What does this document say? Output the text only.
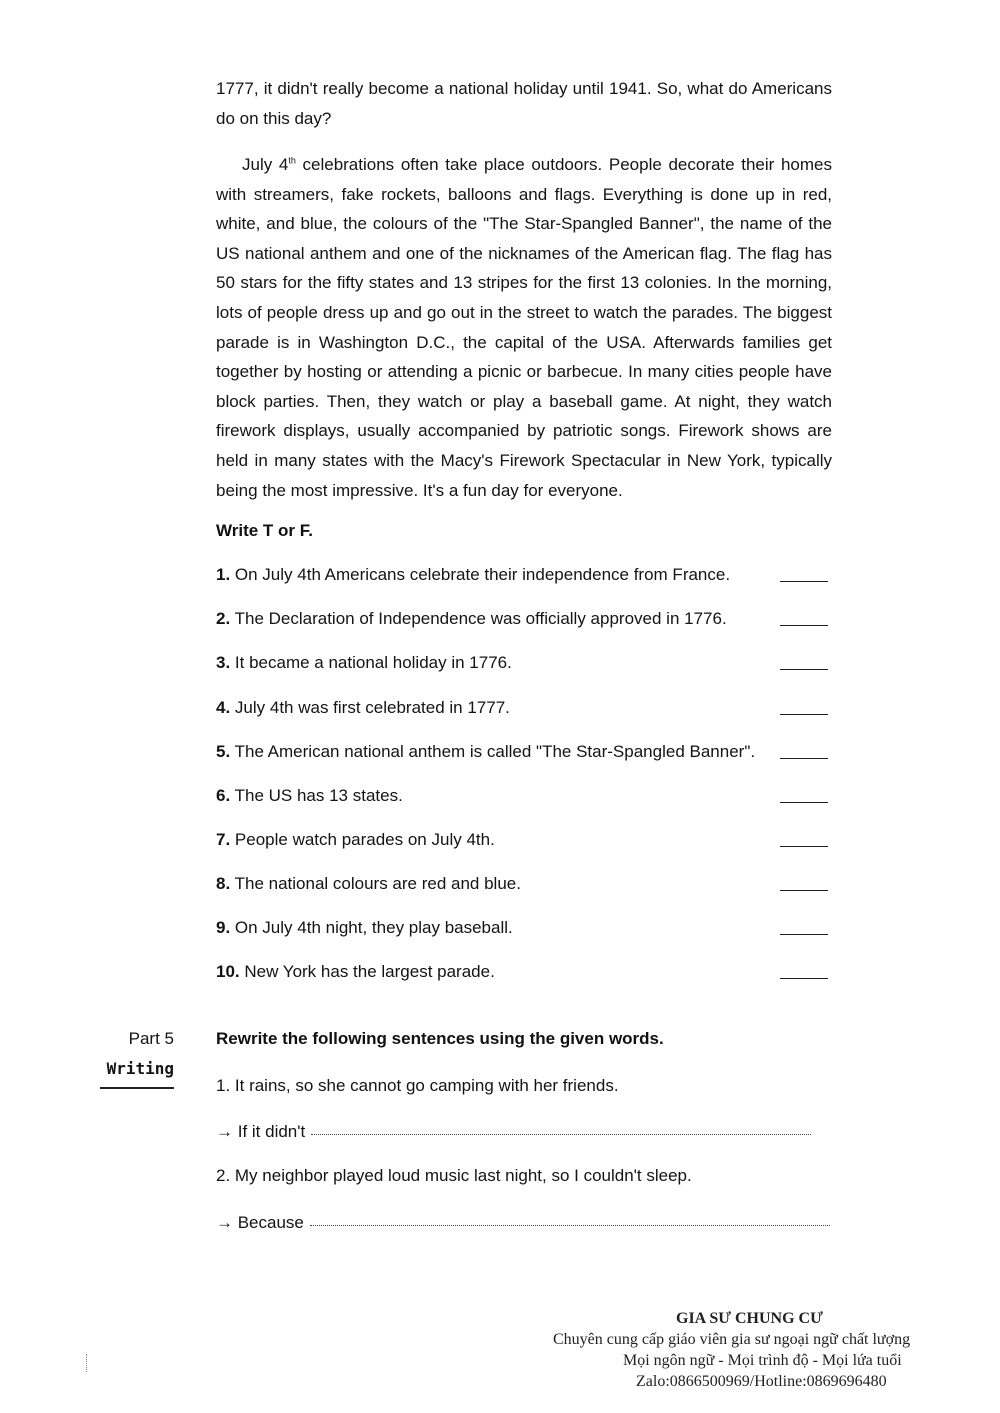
1777, it didn't really become a national holiday until 1941. So, what do Americans do on this day?

July 4th celebrations often take place outdoors. People decorate their homes with streamers, fake rockets, balloons and flags. Everything is done up in red, white, and blue, the colours of the "The Star-Spangled Banner", the name of the US national anthem and one of the nicknames of the American flag. The flag has 50 stars for the fifty states and 13 stripes for the first 13 colonies. In the morning, lots of people dress up and go out in the street to watch the parades. The biggest parade is in Washington D.C., the capital of the USA. Afterwards families get together by hosting or attending a picnic or barbecue. In many cities people have block parties. Then, they watch or play a baseball game. At night, they watch firework displays, usually accompanied by patriotic songs. Firework shows are held in many states with the Macy's Firework Spectacular in New York, typically being the most impressive. It's a fun day for everyone.

Write T or F.

1. On July 4th Americans celebrate their independence from France.
2. The Declaration of Independence was officially approved in 1776.
3. It became a national holiday in 1776.
4. July 4th was first celebrated in 1777.
5. The American national anthem is called "The Star-Spangled Banner".
6. The US has 13 states.
7. People watch parades on July 4th.
8. The national colours are red and blue.
9. On July 4th night, they play baseball.
10. New York has the largest parade.
Part 5
Writing

Rewrite the following sentences using the given words.

1. It rains, so she cannot go camping with her friends.
→ If it didn't
2. My neighbor played loud music last night, so I couldn't sleep.
→ Because
GIA SƯ CHUNG CƯ
Chuyên cung cấp giáo viên gia sư ngoại ngữ chất lượng
Mọi ngôn ngữ - Mọi trình độ - Mọi lứa tuổi
Zalo:0866500969/Hotline:0869696480
